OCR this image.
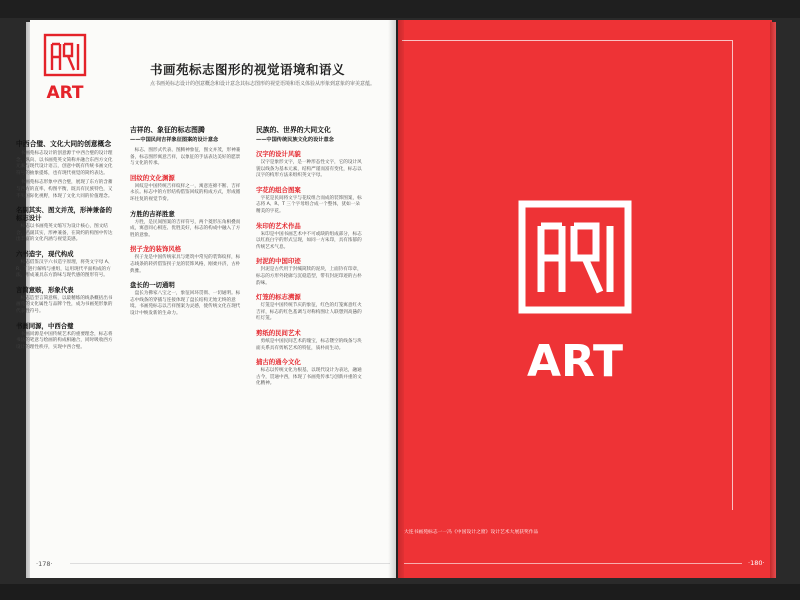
ART
书画苑标志图形的视觉语境和语义
点书画苑标志设计的创意概念和设计意念其标志图形的视觉语境和语义体验从形象到意象的审美意蕴。
中西合璧、文化大同的创意概念

书画苑标志设计的创意源于中西合璧的设计理念，纵向、以书画苑英文简称并融合东西方文化元素与现代设计语言，创意中既有传统书画文化符号的抽象提炼，也有现代视觉的简约表达。

书画苑标志形象中西合璧，展现了东方的含蓄与西方的直率，构图平衡，既具有民族特色，又不失国际化视野，体现了文化大同的价值理念。

名副其实、图文并茂，形神兼备的标志设计

标志以书画苑英文缩写为设计核心，图文结合，名副其实，形神兼备，在简约的构图中传达出丰富的文化内涵与视觉美感。

六书造字，现代构成

标志借鉴汉字六书造字原理，将英文字母 A、R、T 进行解构与重组，运用现代平面构成的方法，形成兼具东方韵味与现代感的图形符号。

言简意赅，形象代表

标志造型言简意赅，以最精练的线条概括出书画苑的文化属性与品牌个性，成为书画苑形象的代表性符号。

书画同源，中西合璧

书画同源是中国传统艺术的重要理念，标志将书法的笔意与绘画的构成相融合，同时吸收西方设计的理性秩序，实现中西合璧。

吉祥的、象征的标志图腾
——中国民间吉祥象征图案的设计意念

标志、图形式代表、图腾神象征，图文并茂，形神兼备，标志图形寓意吉祥，以象征的手法表达美好的愿景与文化的传承。

回纹的文化渊源

回纹是中国传统吉祥纹样之一，寓意连绵不断、吉祥永长。标志中的方形结构借鉴回纹的构成方式，形成循环往复的视觉节奏。

方胜的吉祥胜意

方胜，是民间图案的吉祥符号，两个菱形压角相叠而成，寓意同心相连、优胜美好，标志的构成中融入了方胜的意象。

拐子龙的装饰风格

拐子龙是中国传统家具与建筑中常见的装饰纹样，标志线条的转折借鉴拐子龙的装饰风格，刚柔并济，古朴典雅。

盘长的一切通明

盘长为佛家八宝之一，象征回环贯彻、一切通明。标志中线条的穿插与连接体现了盘长结构无始无终的意境。书画苑标志以吉祥图案为灵感，使传统文化在现代设计中焕发新的生命力。

民族的、世界的大同文化
——中国传统民族文化的设计意念
汉字的设计风貌

汉字是象形文字，是一种形态性文字，它的设计风貌以线条为基本元素，结构严谨而富有变化，标志以汉字的构形方法来组织英文字母。

字花的组合图案

字花是民间将文字与花纹组合而成的装饰图案，标志将 A、R、T 三个字母组合成一个整体，犹如一朵精美的字花。

朱印的艺术作品

朱印是中国书画艺术中不可或缺的组成部分，标志以红底白字的形式呈现，如同一方朱印，具有浓郁的传统艺术气息。

封泥的中国印迹

封泥是古代用于封缄简牍的泥块，上面钤有印章，标志的方形外轮廓与沉稳造型，带有封泥印迹的古朴韵味。

灯笼的标志溯源

灯笼是中国传统节庆的象征，红色的灯笼寓意红火吉祥，标志的红色基调与对称构图让人联想到高悬的红灯笼。

剪纸的民间艺术

剪纸是中国民间艺术的瑰宝，标志镂空的线条与块面关系具有剪纸艺术的特征，质朴而生动。

捕古的通今文化

标志以传统文化为根基，以现代设计为表达，融通古今，贯通中西，体现了书画苑传承与创新并重的文化精神。

·178·
ART
大连书画苑标志一一冯《中国设计之窗》设计艺术大展获奖作品
·180·
